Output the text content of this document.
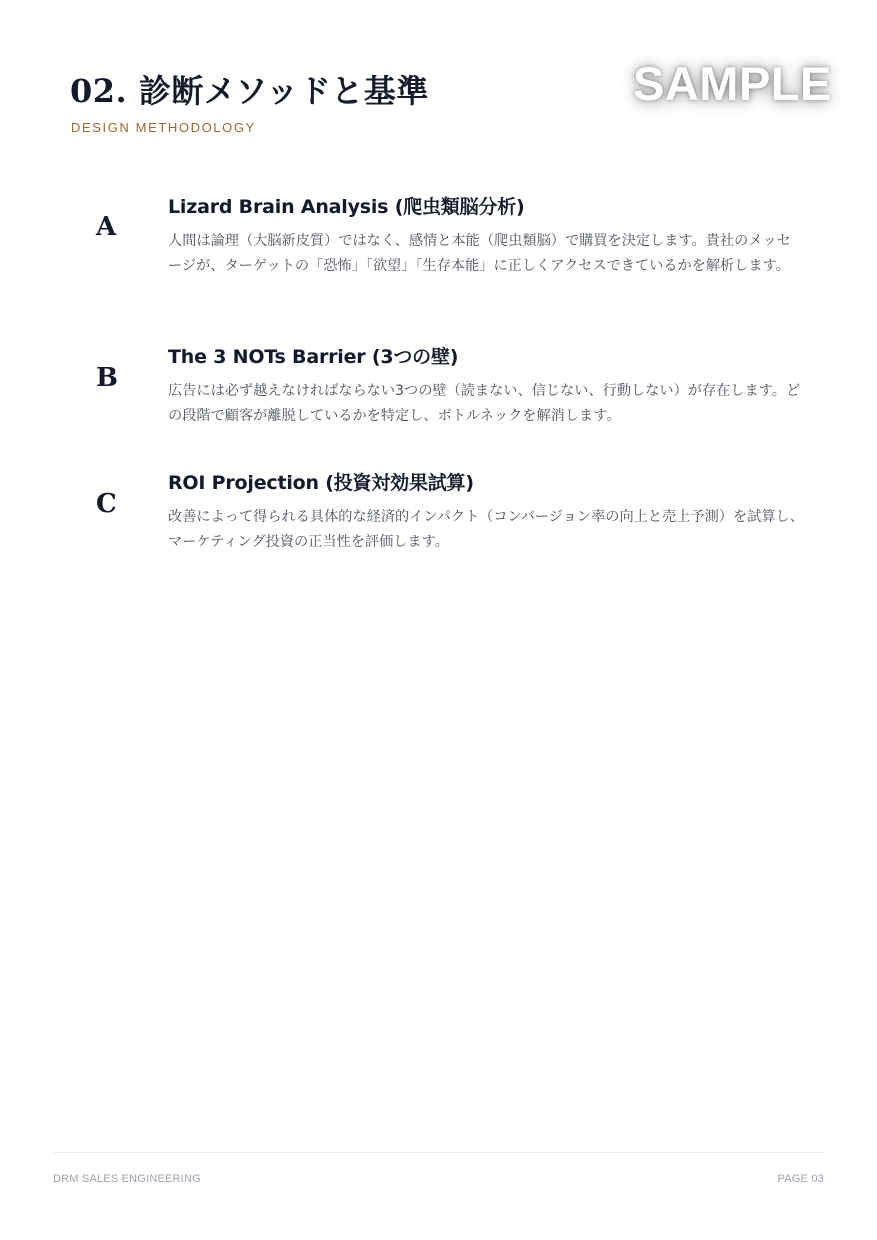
02. 診断メソッドと基準
DESIGN METHODOLOGY
SAMPLE
A
Lizard Brain Analysis (爬虫類脳分析)

人間は論理（大脳新皮質）ではなく、感情と本能（爬虫類脳）で購買を決定します。貴社のメッセージが、ターゲットの「恐怖」「欲望」「生存本能」に正しくアクセスできているかを解析します。

B
The 3 NOTs Barrier (3つの壁)

広告には必ず越えなければならない3つの壁（読まない、信じない、行動しない）が存在します。どの段階で顧客が離脱しているかを特定し、ボトルネックを解消します。

C
ROI Projection (投資対効果試算)

改善によって得られる具体的な経済的インパクト（コンバージョン率の向上と売上予測）を試算し、マーケティング投資の正当性を評価します。

DRM SALES ENGINEERING	PAGE 03
